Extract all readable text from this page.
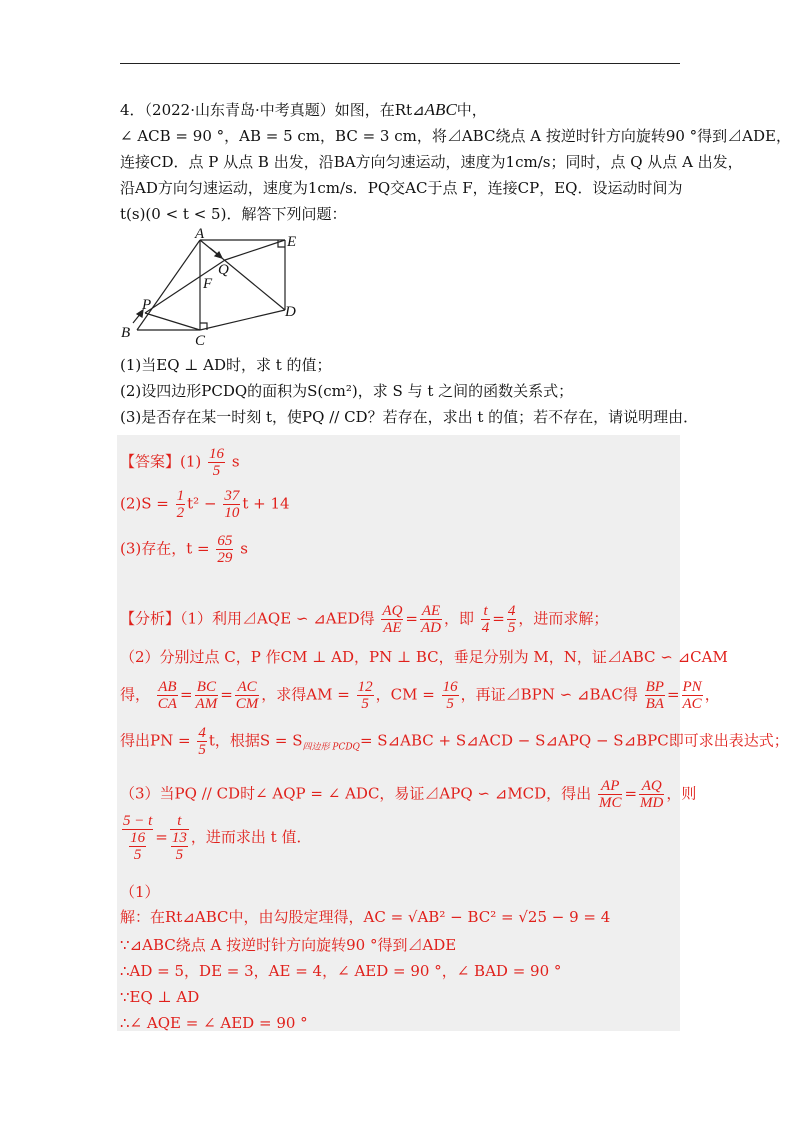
4．（2022·山东青岛·中考真题）如图，在Rt⊿ABC中，
∠ ACB = 90 °，AB = 5 cm，BC = 3 cm，将⊿ABC绕点 A 按逆时针方向旋转90 °得到⊿ADE，
连接CD．点 P 从点 B 出发，沿BA方向匀速运动，速度为1cm/s；同时，点 Q 从点 A 出发，
沿AD方向匀速运动，速度为1cm/s．PQ交AC于点 F，连接CP，EQ．设运动时间为
t(s)(0 < t < 5)．解答下列问题：
A	E
Q
F
P
B	C
D
(1)当EQ ⊥ AD时，求 t 的值；
(2)设四边形PCDQ的面积为S(cm²)，求 S 与 t 之间的函数关系式；
(3)是否存在某一时刻 t，使PQ // CD？若存在，求出 t 的值；若不存在，请说明理由．
【答案】$(1) \frac{16}{5}$ s
$(2)S = \frac{1}{2} t^2 - \frac{37}{10}$ t + 14
(3)存在，$t = \frac{65}{29}$ s
【分析】（1）利用⊿AQE ∽ ⊿AED得 $\frac{AQ}{AE} = \frac{AE}{AD}$ ，即 $\frac{t}{4} = \frac{4}{5}$ ，进而求解；
（2）分别过点 C，P 作CM ⊥ AD，PN ⊥ BC，垂足分别为 M，N，证⊿ABC ∽ ⊿CAM
得， $\frac{AB}{CA} = \frac{BC}{AM} = \frac{AC}{CM}$ ，求得AM = $\frac{12}{5}$ ，CM = $\frac{16}{5}$ ，再证⊿BPN ∽ ⊿BAC得 $\frac{BP}{BA} = \frac{PN}{AC}$ ，
得出PN = $\frac{4}{5}$ t，根据$S = S_{四边形 PCDQ}=$ S⊿ABC + S⊿ACD − S⊿APQ − S⊿BPC即可求出表达式；
（3）当PQ // CD时∠ AQP = ∠ ADC，易证⊿APQ ∽ ⊿MCD，得出 $\frac{AP}{MC} = \frac{AQ}{MD}$ ，则
$\frac{5 - t}{\frac{16}{5}} = \frac{t}{\frac{13}{5}}$ ，进而求出 t 值．
（1）
解：在Rt⊿ABC中，由勾股定理得，AC = √AB² − BC² = √25 − 9 = 4
∵⊿ABC绕点 A 按逆时针方向旋转90 °得到⊿ADE
∴AD = 5，DE = 3，AE = 4，∠ AED = 90 °，∠ BAD = 90 °
∵EQ ⊥ AD
∴∠ AQE = ∠ AED = 90 °
